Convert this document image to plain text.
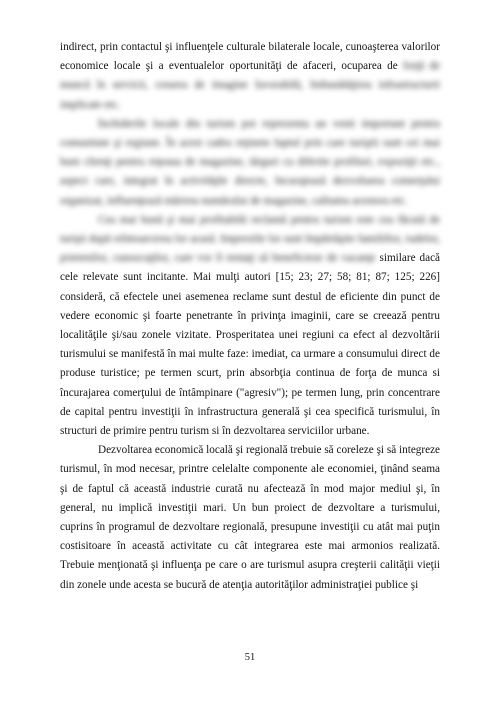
indirect, prin contactul şi influenţele culturale bilaterale locale, cunoaşterea valorilor economice locale şi a eventualelor oportunităţi de afaceri, ocuparea de forţă de muncă în servicii, crearea de imagine favorabilă, îmbunătăţirea infrastructurii implicate etc.

Închiderile locale din turism pot reprezenta un venit important pentru comunitate şi regiune. În acest cadru reţinem faptul prin care turiştii sunt cei mai buni clienţi pentru reţeaua de magazine, târguri cu diferite profiluri, expoziţii etc., aspect care, integrat în activităţile directe, încurajează dezvoltarea comerţului organizat, influenţează mărirea numărului de magazine, calitatea acestora etc.

Cea mai bună şi mai profitabilă reclamă pentru turism este cea făcută de turişti după reîntoarcerea lor acasă. Impresiile lor sunt împărtăşite familiilor, rudelor, prietenilor, cunoscuţilor, care vor fi tentaţi să beneficieze de vacanţe similare dacă cele relevate sunt incitante. Mai mulţi autori [15; 23; 27; 58; 81; 87; 125; 226] consideră, că efectele unei asemenea reclame sunt destul de eficiente din punct de vedere economic şi foarte penetrante în privinţa imaginii, care se creează pentru localităţile şi/sau zonele vizitate. Prosperitatea unei regiuni ca efect al dezvoltării turismului se manifestă în mai multe faze: imediat, ca urmare a consumului direct de produse turistice; pe termen scurt, prin absorbţia continua de forţa de munca si încurajarea comerţului de întâmpinare ("agresiv"); pe termen lung, prin concentrare de capital pentru investiţii în infrastructura generală şi cea specifică turismului, în structuri de primire pentru turism si în dezvoltarea serviciilor urbane.

Dezvoltarea economică locală şi regională trebuie să coreleze şi să integreze turismul, în mod necesar, printre celelalte componente ale economiei, ţinând seama şi de faptul că această industrie curată nu afectează în mod major mediul şi, în general, nu implică investiţii mari. Un bun proiect de dezvoltare a turismului, cuprins în programul de dezvoltare regională, presupune investiţii cu atât mai puţin costisitoare în această activitate cu cât integrarea este mai armonios realizată. Trebuie menţionată şi influenţa pe care o are turismul asupra creşterii calităţii vieţii din zonele unde acesta se bucură de atenţia autorităţilor administraţiei publice şi

51
